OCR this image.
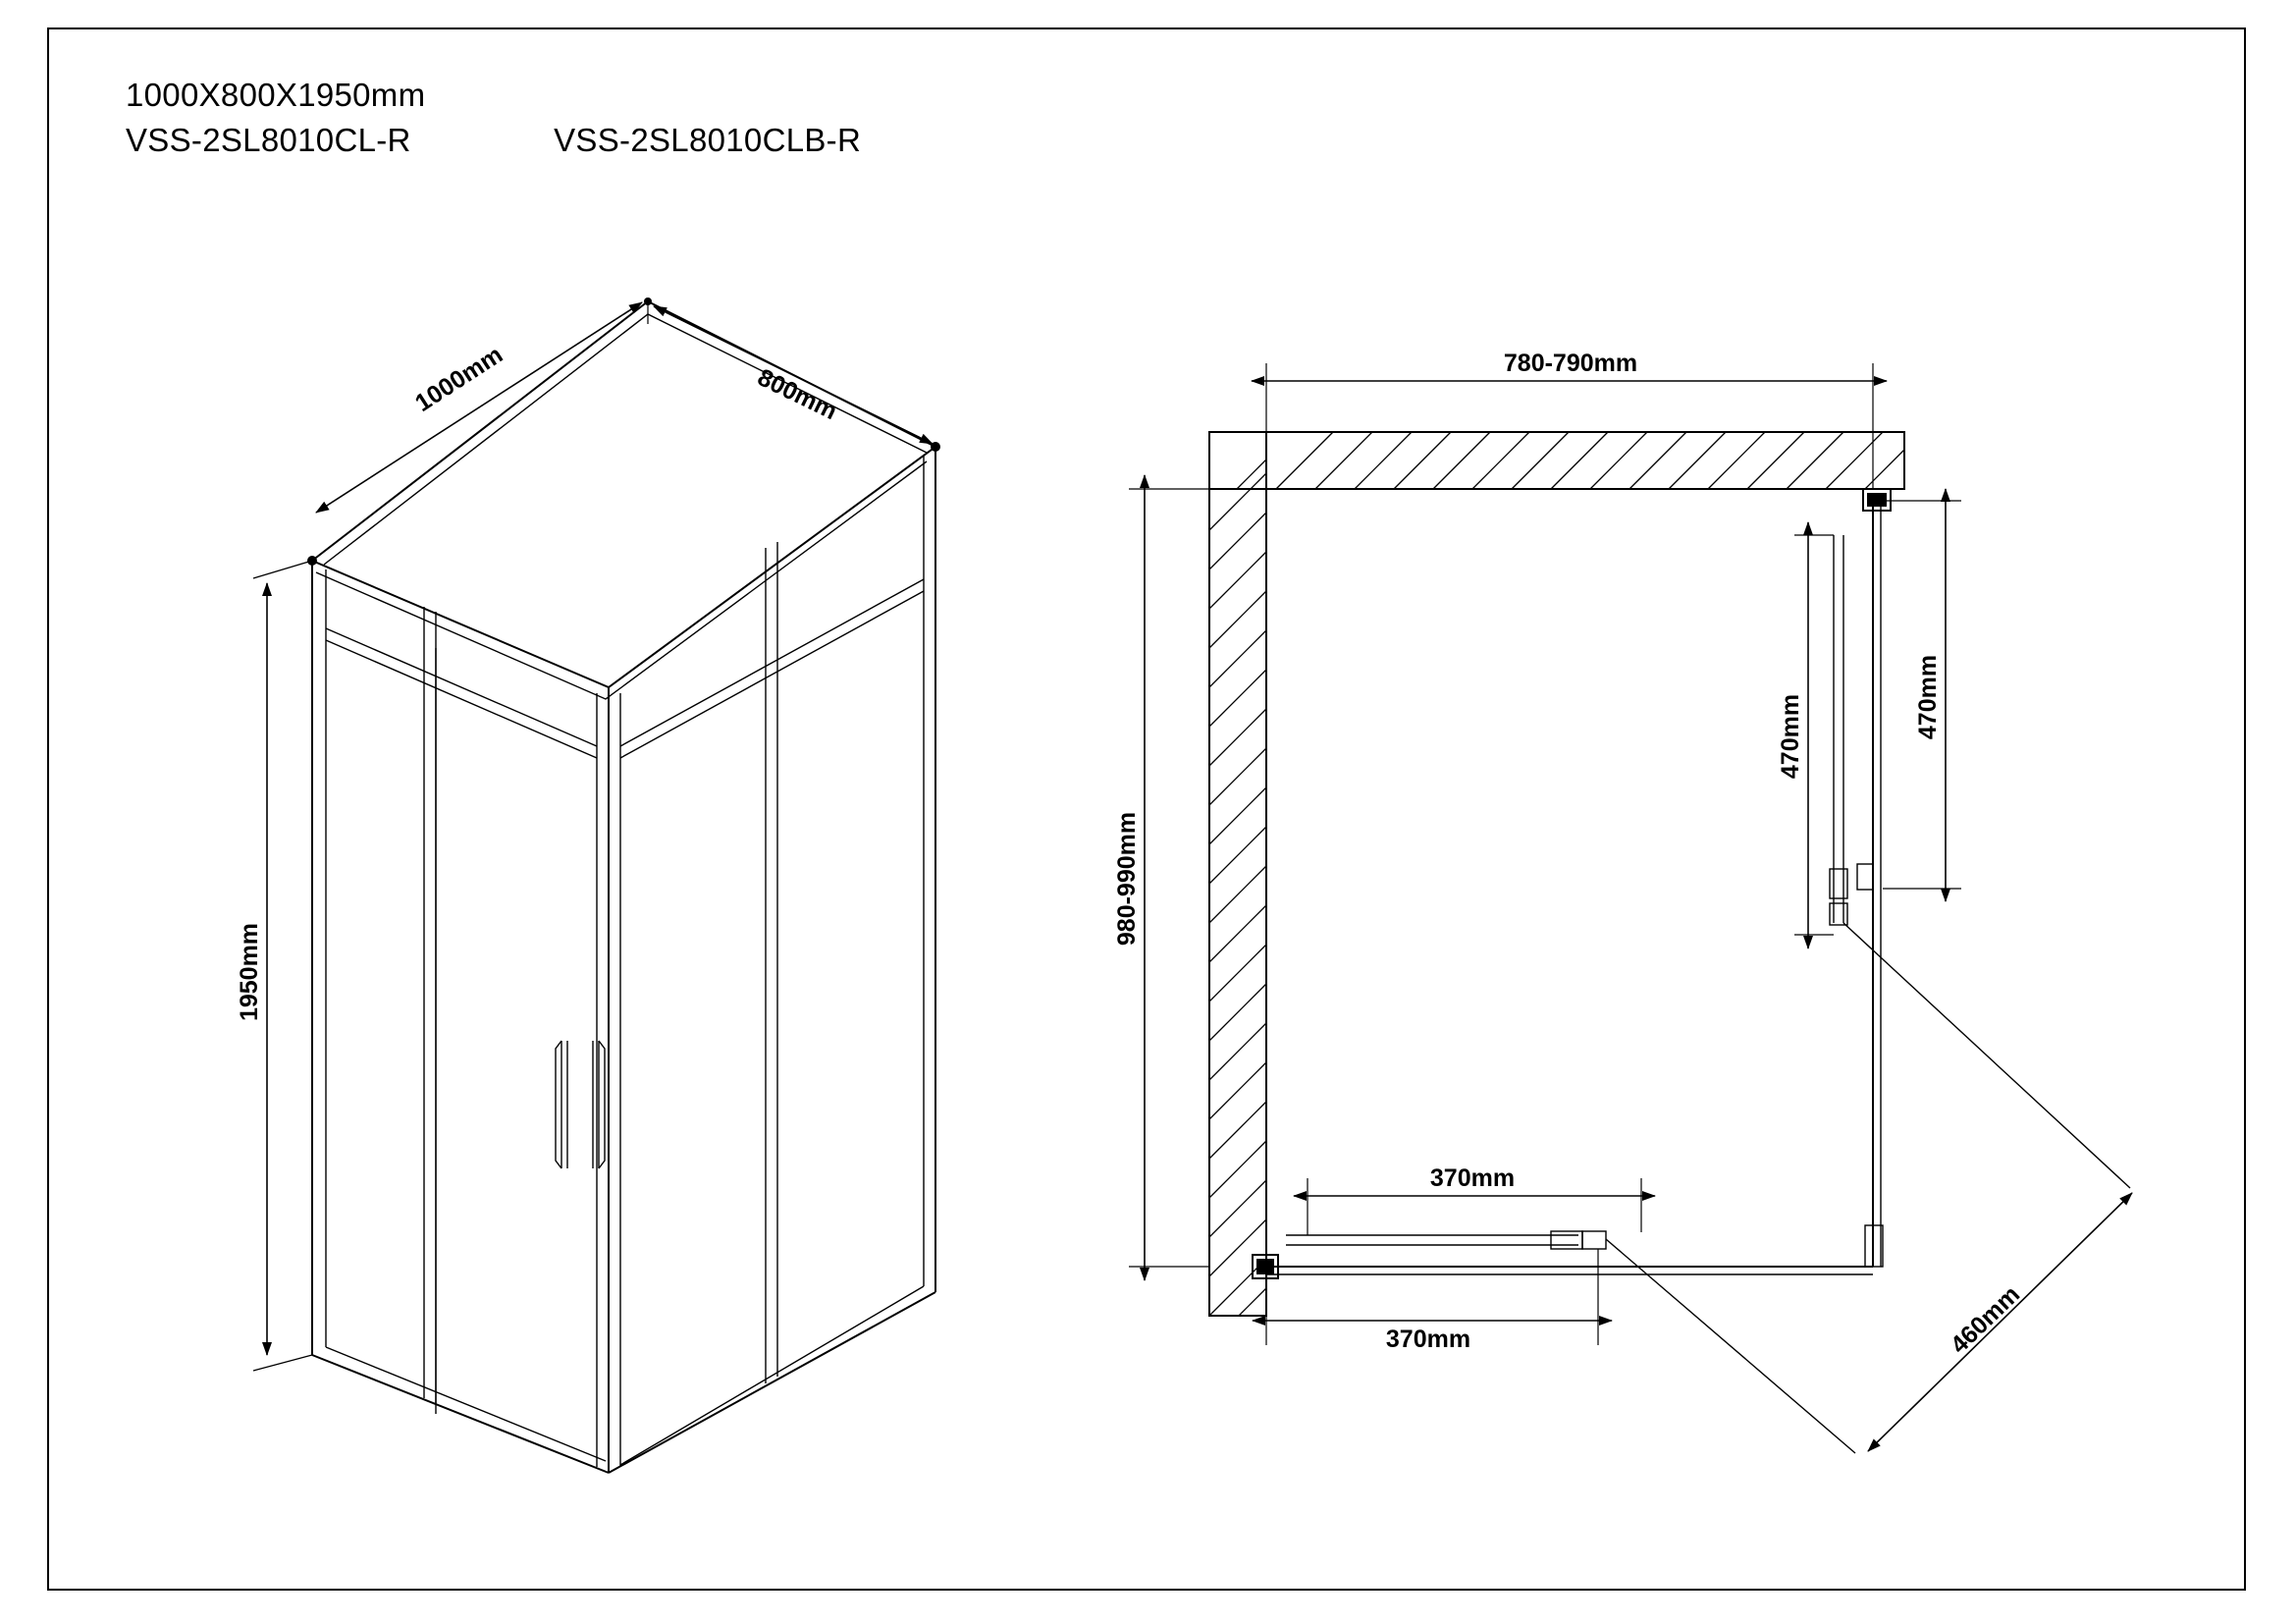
1000X800X1950mm
VSS-2SL8010CL-R	VSS-2SL8010CLB-R
1000mm	800mm
1950mm
780-790mm
980-990mm
470mm	470mm
370mm
370mm	460mm
